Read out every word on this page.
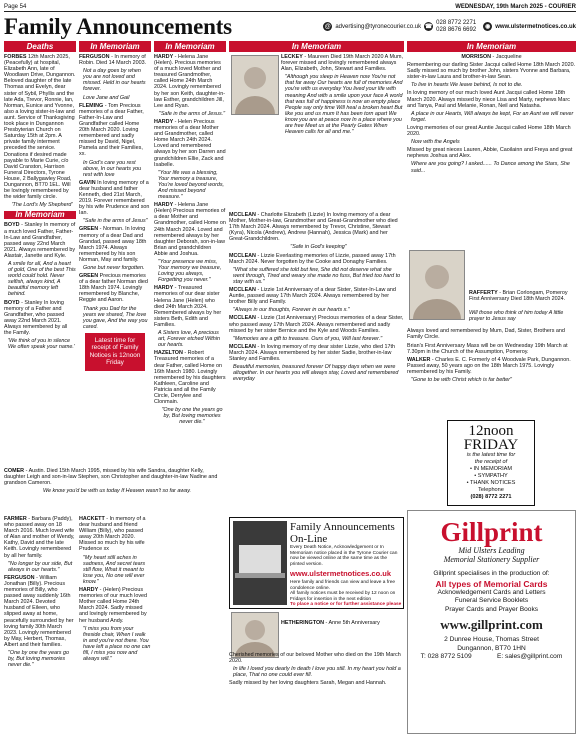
Page 54	WEDNESDAY, 19th March 2025 - COURIER
Family Announcements	@ advertising@tyronecourier.co.uk ☎
028 8772 2271
028 8676 6692	◉ www.ulstermetnotices.co.uk
Deaths	In Memoriam	In Memoriam	In Memoriam	In Memoriam

FORBES 12th March 2025, (Peacefully) at hospital, Elizabeth Ann, late of Woodlawn Drive, Dungannon. Beloved daughter of the late Thomas and Evelyn, dear sister of Sybil, Phyllis and the late Ada, Trevor, Ronnie, Ian, Norman, Eunice and Yvonne, also a loving sister-in-law and aunt. Service of Thanksgiving took place in Dungannon Presbyterian Church on Saturday 15th at 2pm. A private family interment preceded the service. Donations if desired made payable to Marie Curie, c/o David Cranston, Harrison Funeral Directors, Tyrone House, 2 Ballygawley Road, Dungannon, BT70 1EL. Will be lovingly remembered by the wider family circle.

'The Lord's My Shepherd'

In Memoriam

BOYD - Stanley In memory of a much loved Father, Father-In-Law and Grandfather, passed away 22nd March 2021. Always remembered by Alastair, Janette and Kyle.

A smile for all, And a heart of gold, One of the best This world could hold. Never selfish, always kind, A beautiful memory left behind.

BOYD - Stanley In loving memory of a Father and Grandfather, who passed away 22nd March 2021. Always remembered by all the Family.

'We think of you in silence We often speak your name.'

COMER - Austin. Died 15th March 1995, missed by his wife Sandra, daughter Kelly, daughter Leigh and son-in-law Stephen, son Christopher and daughter-in-law Nadine and grandson Cameron.

We know you'd be with us today If Heaven wasn't so far away.

FARMER - Barbara (Paddy), who passed away on 18 March 2016. Much loved wife of Alan and mother of Wendy, Kathy, David and the late Keith. Lovingly remembered by all her family.

"No longer by our side, But always in our hearts."

FERGUSON - William Jonathan (Billy). Precious memories of Billy, who passed away suddenly 16th March 2024. Devoted husband of Eileen, who slipped away at home, peacefully surrounded by her loving family 30th March 2023. Lovingly remembered by May, Herbert, Thomas, Albert and their families.

"One by one the years go by, But loving memories never die."

FERGUSON - In memory of Robin. Died 14 March 2003.

Not a day goes by when you are not loved and missed. Held in our hearts forever.

Love Jane and Gail

FLEMING - Tom Precious memories of a dear Father, Father-In-Law and Grandfather called Home 20th March 2020. Loving remembered and sadly missed by David, Nigel, Pamela and their Families, xx.

In God's care you rest above, In our hearts you rest with love

GAVIN In loving memory of a dear husband and father Kenneth, died 21st March, 2019. Forever remembered by his wife Prudence and son Ian.

"Safe in the arms of Jesus"

GREEN - Norman. In loving memory of a dear Dad and Grandad, passed away 18th March 1974. Always remembered by his son Norman, May and family.

Gone but never forgotten.

GREEN Precious memories of a dear father Norman died 18th March 1974. Lovingly remembered by Blanche, Reggie and Aaron.

Thank you Dad for the years we shared, The love you gave, And the way you cared.

Latest time for receipt of Family Notices is 12noon Friday

HACKETT - In memory of a dear husband and friend William (Billy), who passed away 20th March 2020. Missed so much by his wife Prudence xx

"My heart still aches in sadness, And secret tears still flow, What it meant to lose you, No one will ever know."

HARDY - (Helen) Precious memories of our much loved Mother called Home 24th March 2024. Sadly missed and lovingly remembered by her husband Andy.

"I miss you from your fireside chair, When I walk in and you're not there. You have left a place no one can fill, I miss you now and always will."

HARDY - Helena Jane (Helen). Precious memories of a much loved Mother and treasured Grandmother, called Home 24th March 2024. Lovingly remembered by her son Keith, daughter-in-law Esther, grandchildren Jill, Lee and Ryan.

"Safe in the arms of Jesus."

HARDY - Helen Precious memories of a dear Mother and Grandmother, called Home March 24th 2024. Loved and remembered always by her son Darren and grandchildren Ellie, Zack and Isabelle.

"Your life was a blessing, Your memory a treasure, You're loved beyond words, And missed beyond measure."

HARDY - Helena Jane (Helen) Precious memories of a dear Mother and Grandmother, called Home on 24th March 2024. Loved and remembered always by her daughter Deborah, son-in-law Brian and grandchildren Abbie and Joshua.

"Your presence we miss, Your memory we treasure, Loving you always, Forgetting you never."

HARDY - Treasured memories of our dear sister Helena Jane (Helen) who died 24th March 2024. Remembered always by her sisters Beth, Edith and Families.

A Sisters love, A precious art, Forever etched Within our hearts.

HAZELTON - Robert Treasured memories of a dear Father, called Home on 16th March 1980. Lovingly remembered by his daughters Kathleen, Caroline and Patricia and all the Family Circle, Derrylee and Clonmain.

"One by one the years go by, But loving memories never die."

LECKEY - Maureen Died 19th March 2020 A Mum, forever missed and lovingly remembered always Alan, Elizabeth, John, Stewart and Families.

"Although you sleep in Heaven now You're not that far away Our hearts are full of memories And you're with us everyday You lived your life with meaning And with a smile upon your face A world that was full of happiness is now an empty place People say only time Will heal a broken heart But like you and us mum It has been torn apart We know you are at peace now In a place where you are free Meet us at the Pearly Gates When Heaven calls for all and me."

MCCLEAN - Charlotte Elizabeth (Lizzie) In loving memory of a dear Mother, Mother-in-law, Grandmother and Great-Grandmother who died 17th March 2024. Always remembered by Trevor, Christine, Stewart (Kyra), Nicola (Andrew), Andrew (Hannah), Jessica (Mark) and her Great-Grandchildren.

"Safe in God's keeping"

MCCLEAN - Lizzie Everlasting memories of Lizzie, passed away 17th March 2024. Never forgotten by the Cooke and Donaghy Families.

"What she suffered she told but few, She did not deserve what she went through, Tired and weary she made no fuss, But tried too hard to stay with us."

MCCLEAN - Lizzie 1st Anniversary of a dear Sister, Sister-In-Law and Auntie, passed away 17th March 2024. Always remembered by her brother Billy and Family.

"Always in our thoughts, Forever in our hearts x."

MCCLEAN - Lizzie (1st Anniversary) Precious memories of a dear Sister, who passed away 17th March 2024. Always remembered and sadly missed by her sister Bernice and the Kyle and Woods Families.

"Memories are a gift to treasure. Ours of you, Will last forever."

MCCLEAN - In loving memory of my dear sister Lizzie, who died 17th March 2024. Always remembered by her sister Sadie, brother-in-law Stanley and Families.

Beautiful memories, treasured forever Of happy days when we were altogether. In our hearts you will always stay, Loved and remembered everyday

Family Announcements On-Line

Every Death Notice, Acknowledgement or In Memoriam notice placed in the Tyrone Courier can now be viewed online at the same time as the printed version.

www.ulstermetnotices.co.uk

Here family and friends can view and leave a free condolence online.

All family notices must be received by 12 noon on Fridays for insertion in the next edition

To place a notice or for further assistance please

HETHERINGTON - Anne 5th Anniversary

Cherished memories of our beloved Mother who died on the 19th March 2020.

In life I loved you dearly In death I love you still. In my heart you hold a place, That no one could ever fill.

Sadly missed by her loving daughters Sarah, Megan and Hannah.

MORRISON - Jacqueline

Remembering our darling Sister Jacqui called Home 18th March 2020. Sadly missed so much by brother John, sisters Yvonne and Barbara, sister-in-law Laura and brother-in-law Sean.

To live in hearts We leave behind, Is not to die.

In loving memory of our much loved Aunt Jacqui called Home 18th March 2020. Always missed by niece Lisa and Marty, nephews Marc and Tanya, Paul and Melanie, Ronan, Neil and Natasha.

A place in our Hearts, Will always be kept, For an Aunt we will never forget.

Loving memories of our great Auntie Jacqui called Home 18th March 2020.

Now with the Angels

Missed by great nieces Lauren, Abbie, Caoilainn and Freya and great nephews Joshua and Alex.

Where are you going? I asked...... To Dance among the Stars, She said...

RAFFERTY - Brian Corlongam, Pomeroy First Anniversary Died 18th March 2024.

Will those who think of him today A little prayer to Jesus say

Always loved and remembered by Mum, Dad, Sister, Brothers and Family Circle.

Brian's First Anniversary Mass will be on Wednesday 19th March at 7.30pm in the Church of the Assumption, Pomeroy.

WALKER - Charles E. C. Formerly of 4 Woodvale Park, Dungannon. Passed away, 50 years ago on the 18th March 1975. Lovingly remembered by his Family.

"Gone to be with Christ which is far better"

12noon
FRIDAY
is the latest time for
the receipt of
• IN MEMORIAM
• SYMPATHY
• THANK NOTICES
Telephone
(028) 8772 2271
Gillprint
Mid Ulsters Leading
Memorial Stationery Supplier
Gillprint specialises in the production of:
All types of Memorial Cards
Acknowledgement Cards and Letters
Funeral Service Booklets
Prayer Cards and Prayer Books
www.gillprint.com
2 Dunree House, Thomas Street
Dungannon, BT70 1HN
T: 028 8772 5109	E: sales@gillprint.com
